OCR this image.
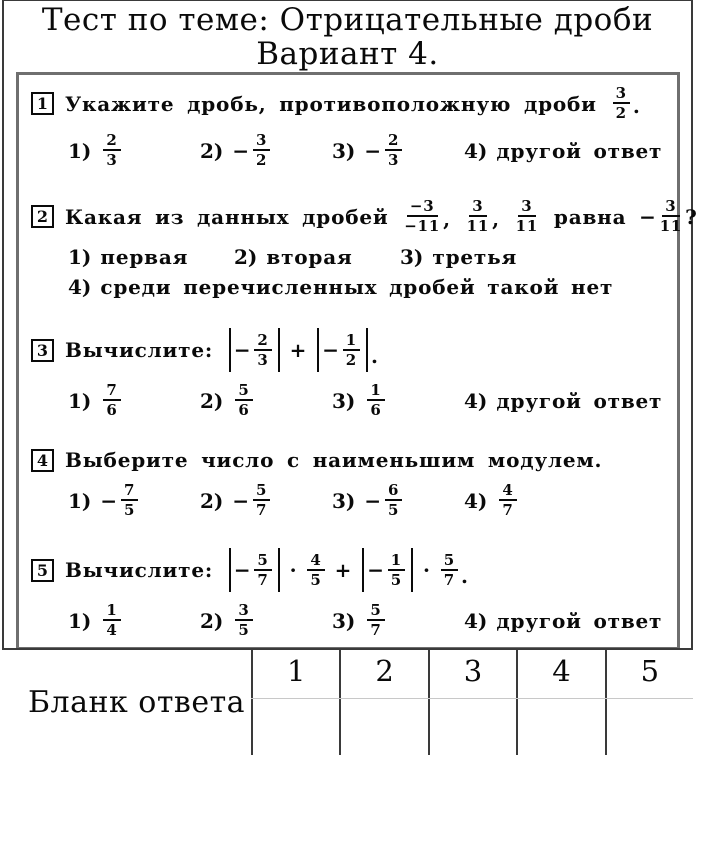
Тест по теме: Отрицательные дроби
Вариант 4.
1 Укажите дробь, противоположную дроби $\frac{3}{2}$ .
$1) \frac{2}{3}$	$2) - \frac{3}{2}$	$3) - \frac{2}{3}$	4) другой ответ
2 Какая из данных дробей $\frac{-3}{-11}$ , $\frac{3}{11}$ , $\frac{3}{11}$ равна − $\frac{3}{11}$ ?
1) первая 2) вторая 3) третья
4) среди перечисленных дробей такой нет
3 Вычислите: − $\frac{2}{3}$ + − $\frac{1}{2}$ .
$1) \frac{7}{6}$	$2) \frac{5}{6}$	$3) \frac{1}{6}$	4) другой ответ
4 Выберите число с наименьшим модулем.
$1) - \frac{7}{5}$	$2) - \frac{5}{7}$	$3) - \frac{6}{5}$	$4) \frac{4}{7}$
5 Вычислите: − $\frac{5}{7} \cdot \frac{4}{5}$ + − $\frac{1}{5} \cdot \frac{5}{7}$ .
$1) \frac{1}{4}$	$2) \frac{3}{5}$	$3) \frac{5}{7}$	4) другой ответ
Бланк ответа
1	2	3	4	5
